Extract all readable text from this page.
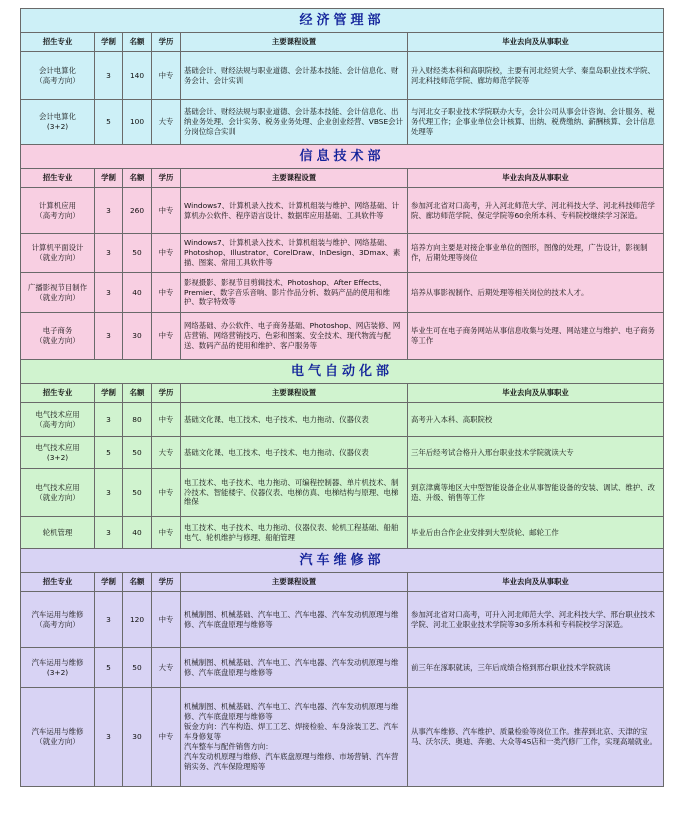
经济管理部					
招生专业	学制	名额	学历	主要课程设置	毕业去向及从事职业
会计电算化
（高考方向）	3	140	中专	基础会计、财经法规与职业道德、会计基本技能、会计信息化、财务会计、会计实训	升入财经类本科和高职院校，主要有河北经贸大学、秦皇岛职业技术学院、河北科技师范学院、廊坊师范学院等
会计电算化
(3+2)	5	100	大专	基础会计、财经法规与职业道德、会计基本技能、会计信息化、出纳业务处理、会计实务、税务业务处理、企业创业经营、VBSE会计分岗位综合实训	与河北女子职业技术学院联办大专，会计公司从事会计咨询、会计服务、税务代理工作；企事业单位会计核算、出纳、税费缴纳、薪酬核算、会计信息处理等
信息技术部					
招生专业	学制	名额	学历	主要课程设置	毕业去向及从事职业
计算机应用
（高考方向）	3	260	中专	Windows7、计算机录入技术、计算机组装与维护、网络基础、计算机办公软件、程序语言设计、数据库应用基础、工具软件等	参加河北省对口高考，升入河北师范大学、河北科技大学、河北科技师范学院、廊坊师范学院、保定学院等60余所本科、专科院校继续学习深造。
计算机平面设计
（就业方向）	3	50	中专	Windows7、计算机录入技术、计算机组装与维护、网络基础、Photoshop、Illustrator、CorelDraw、InDesign、3Dmax、素描、图案、常用工具软件等	培养方向主要是对接企事业单位的图形，图像的处理，广告设计，影视制作，后期处理等岗位
广播影视节目制作
（就业方向）	3	40	中专	影视摄影、影视节目剪辑技术、Photoshop、After Effects、Premier、数字音乐音响、影片作品分析、数码产品的使用和维护、数字特效等	培养从事影视制作、后期处理等相关岗位的技术人才。
电子商务
（就业方向）	3	30	中专	网络基础、办公软件、电子商务基础、Photoshop、网店装修、网店营销、网络营销技巧、色彩和图案、安全技术、现代物流与配送、数码产品的使用和维护、客户服务等	毕业生可在电子商务网站从事信息收集与处理、网站建立与维护、电子商务等工作
电气自动化部					
招生专业	学制	名额	学历	主要课程设置	毕业去向及从事职业
电气技术应用
（高考方向）	3	80	中专	基础文化课、电工技术、电子技术、电力拖动、仪器仪表	高考升入本科、高职院校
电气技术应用
(3+2)	5	50	大专	基础文化课、电工技术、电子技术、电力拖动、仪器仪表	三年后经考试合格升入邢台职业技术学院就读大专
电气技术应用
（就业方向）	3	50	中专	电工技术、电子技术、电力拖动、可编程控制器、单片机技术、制冷技术、智能楼宇、仪器仪表、电梯仿真、电梯结构与原理、电梯维保	到京津冀等地区大中型智能设备企业从事智能设备的安装、调试、维护、改造、升级、销售等工作
轮机管理	3	40	中专	电工技术、电子技术、电力拖动、仪器仪表、轮机工程基础、船舶电气、轮机维护与修理、船舶管理	毕业后由合作企业安排到大型货轮、邮轮工作
汽车维修部					
招生专业	学制	名额	学历	主要课程设置	毕业去向及从事职业
汽车运用与维修
（高考方向）	3	120	中专	机械制图、机械基础、汽车电工、汽车电器、汽车发动机原理与维修、汽车底盘原理与维修等	参加河北省对口高考，可升入河北师范大学、河北科技大学、邢台职业技术学院、河北工业职业技术学院等30多所本科和专科院校学习深造。
汽车运用与维修
(3+2)	5	50	大专	机械制图、机械基础、汽车电工、汽车电器、汽车发动机原理与维修、汽车底盘原理与维修等	前三年在涿职就读，三年后成绩合格到邢台职业技术学院就读
汽车运用与维修
（就业方向）	3	30	中专	机械制图、机械基础、汽车电工、汽车电器、汽车发动机原理与维修、汽车底盘原理与维修等
钣金方向：汽车构造、焊工工艺、焊接检验、车身涂装工艺、汽车车身修复等
汽车整车与配件销售方向：
汽车发动机原理与维修、汽车底盘原理与维修、市场营销、汽车营销实务、汽车保险理赔等	从事汽车维修、汽车维护、质量检验等岗位工作。推荐到北京、天津的宝马、沃尔沃、奥迪、奔驰、大众等4S店和一类汽修厂工作，实现高端就业。
